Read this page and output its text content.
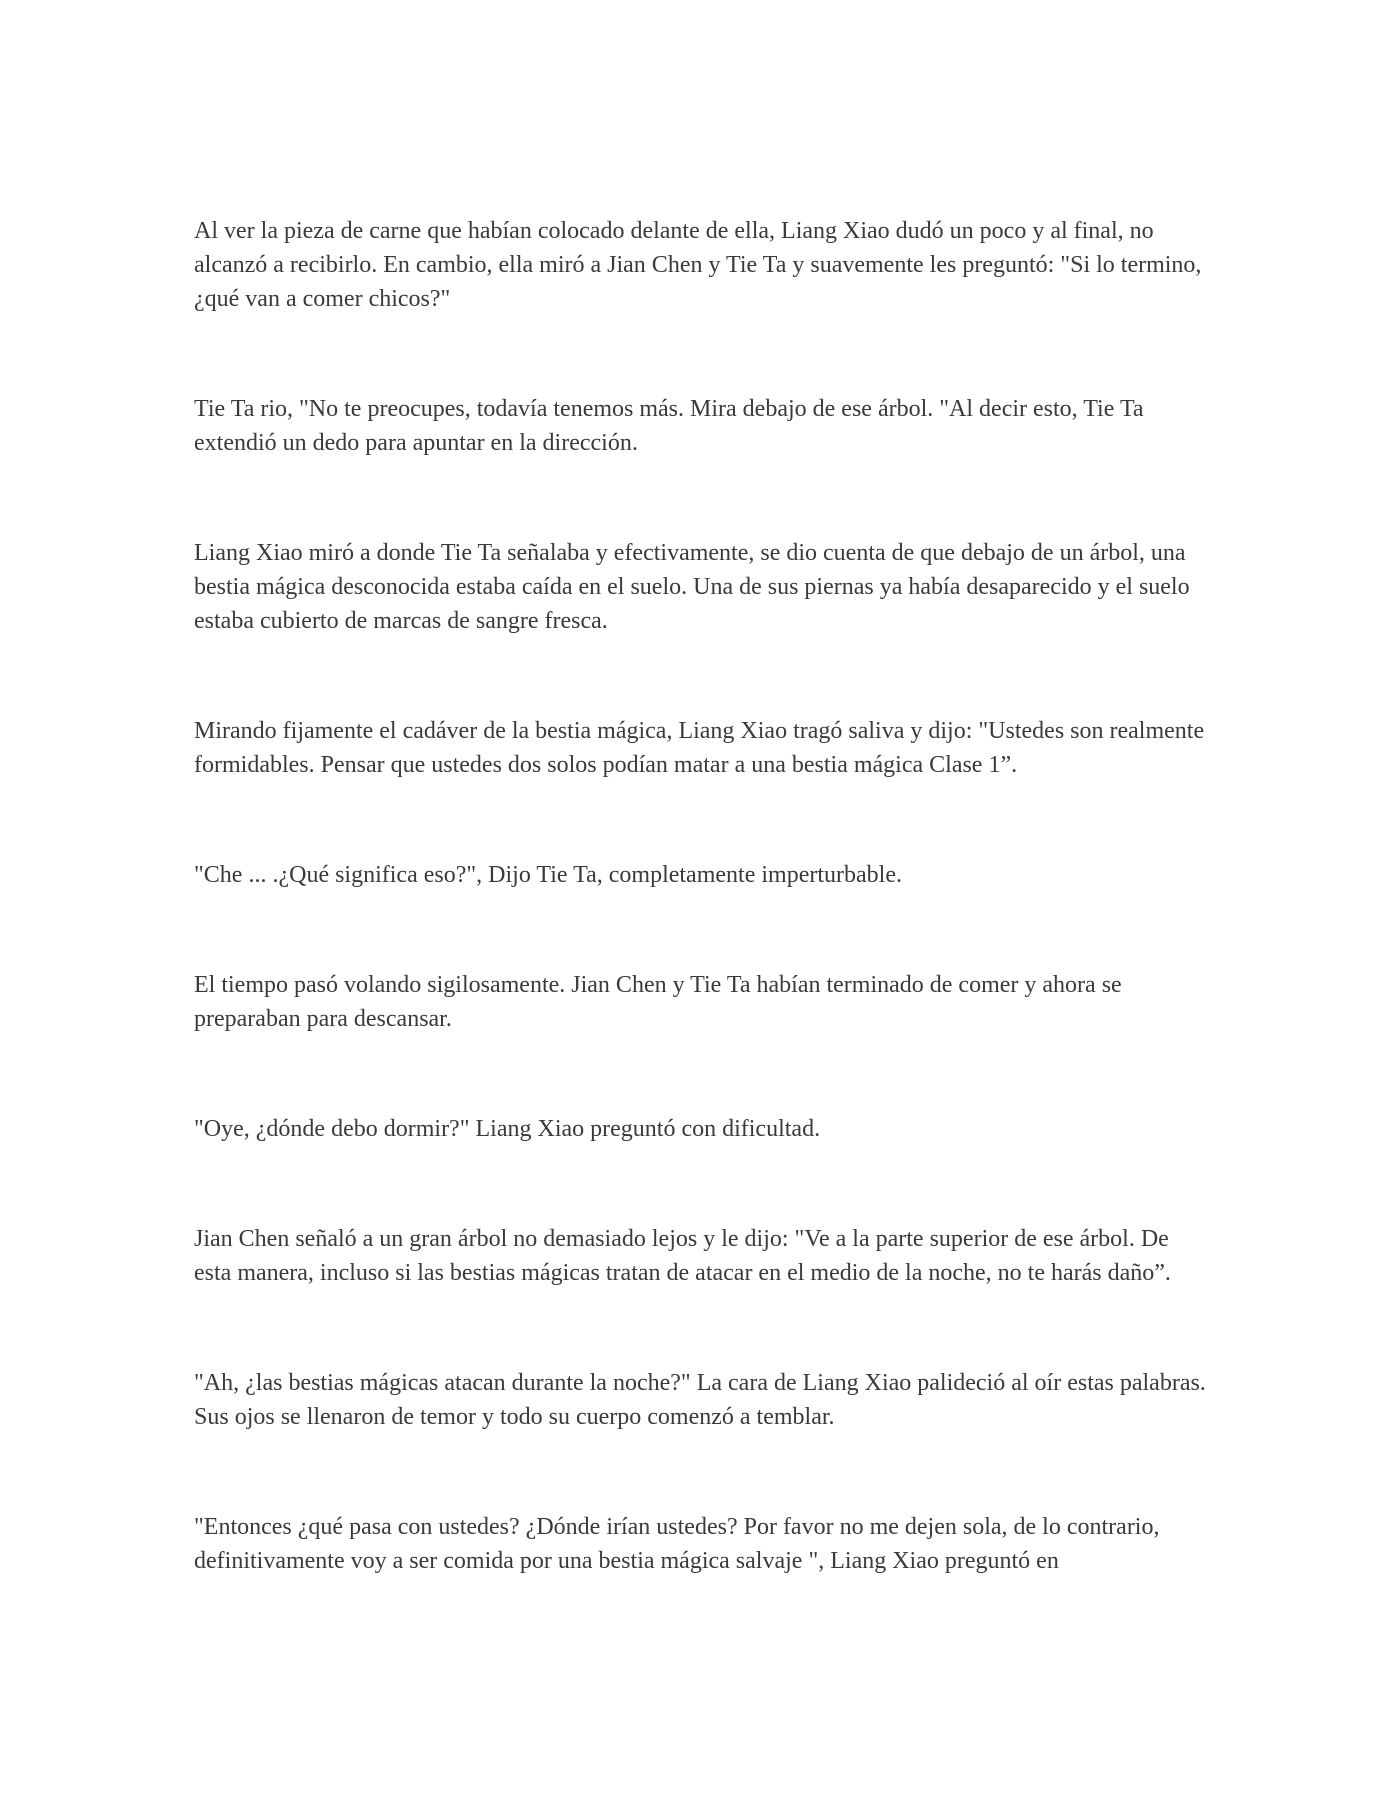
Al ver la pieza de carne que habían colocado delante de ella, Liang Xiao dudó un poco y al final, no alcanzó a recibirlo. En cambio, ella miró a Jian Chen y Tie Ta y suavemente les preguntó: "Si lo termino, ¿qué van a comer chicos?"

Tie Ta rio, "No te preocupes, todavía tenemos más. Mira debajo de ese árbol. "Al decir esto, Tie Ta extendió un dedo para apuntar en la dirección.

Liang Xiao miró a donde Tie Ta señalaba y efectivamente, se dio cuenta de que debajo de un árbol, una bestia mágica desconocida estaba caída en el suelo. Una de sus piernas ya había desaparecido y el suelo estaba cubierto de marcas de sangre fresca.

Mirando fijamente el cadáver de la bestia mágica, Liang Xiao tragó saliva y dijo: "Ustedes son realmente formidables. Pensar que ustedes dos solos podían matar a una bestia mágica Clase 1”.

"Che ... .¿Qué significa eso?", Dijo Tie Ta, completamente imperturbable.

El tiempo pasó volando sigilosamente. Jian Chen y Tie Ta habían terminado de comer y ahora se preparaban para descansar.

"Oye, ¿dónde debo dormir?" Liang Xiao preguntó con dificultad.

Jian Chen señaló a un gran árbol no demasiado lejos y le dijo: "Ve a la parte superior de ese árbol. De esta manera, incluso si las bestias mágicas tratan de atacar en el medio de la noche, no te harás daño”.

"Ah, ¿las bestias mágicas atacan durante la noche?" La cara de Liang Xiao palideció al oír estas palabras. Sus ojos se llenaron de temor y todo su cuerpo comenzó a temblar.

"Entonces ¿qué pasa con ustedes? ¿Dónde irían ustedes? Por favor no me dejen sola, de lo contrario, definitivamente voy a ser comida por una bestia mágica salvaje ", Liang Xiao preguntó en
